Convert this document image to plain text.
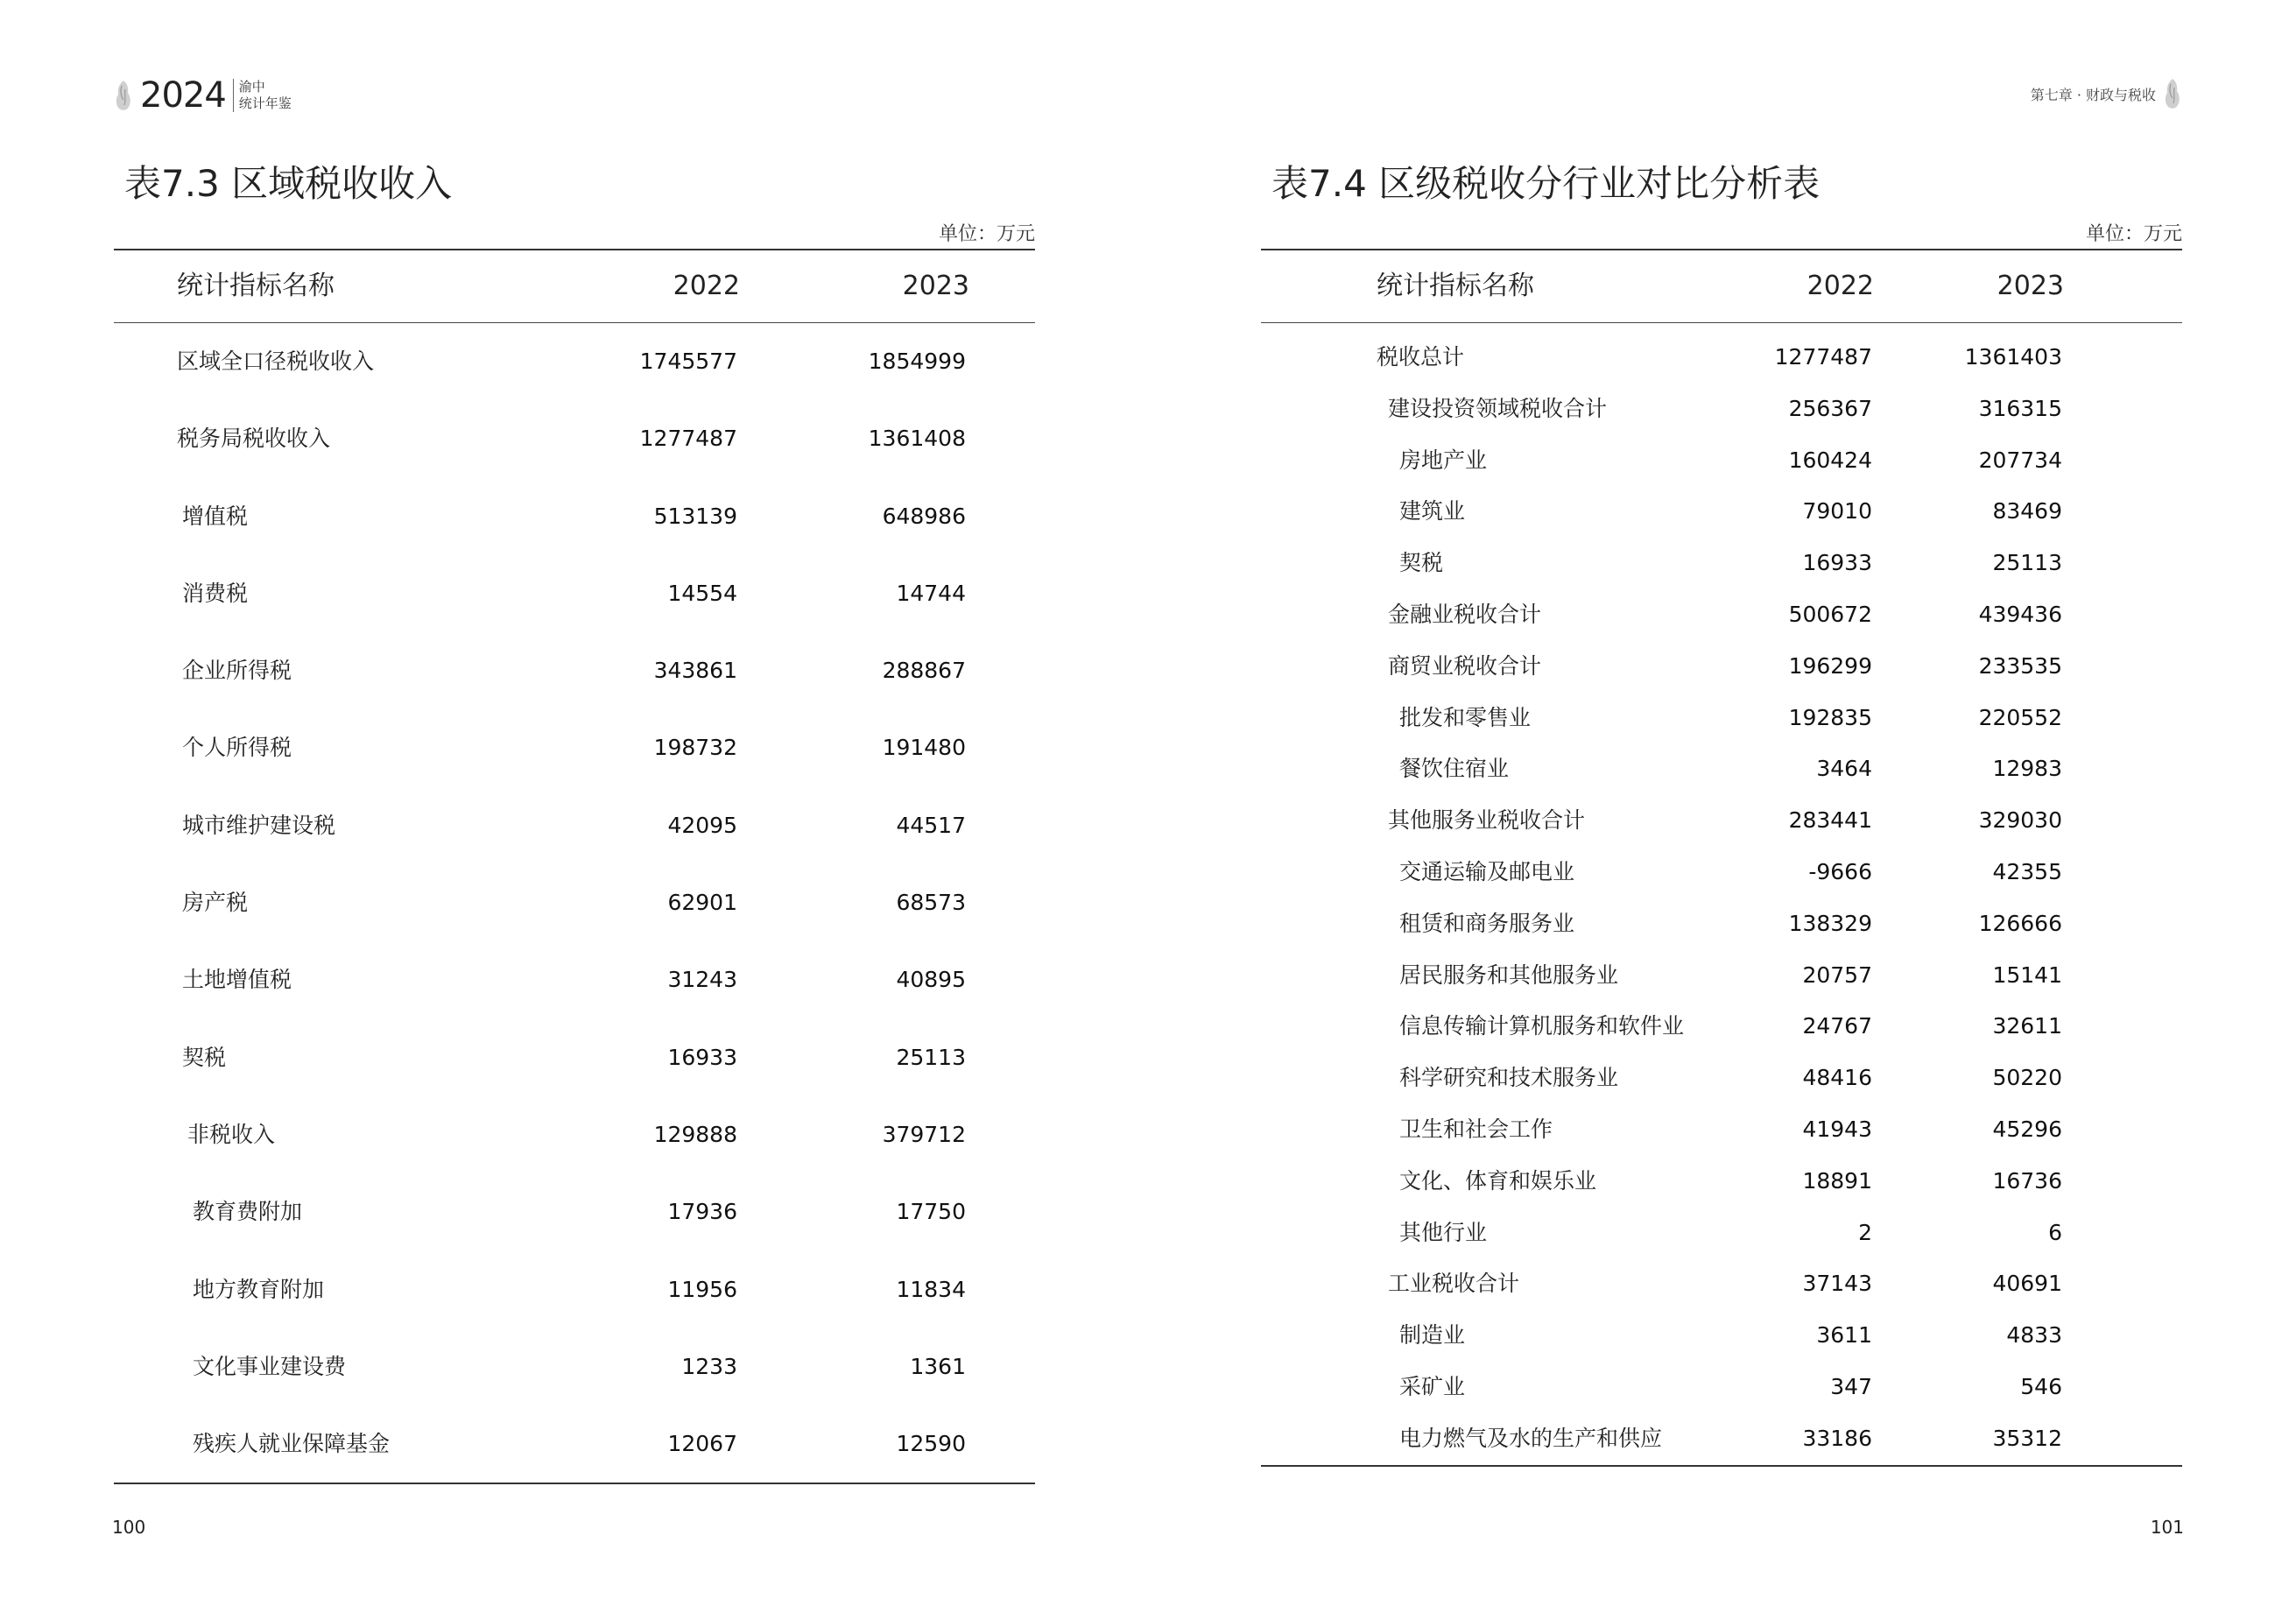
2024 渝中
统计年鉴
第七章 · 财政与税收
表7.3 区域税收收入
单位：万元
统计指标名称	2022	2023
区域全口径税收收入	1745577	1854999
税务局税收收入	1277487	1361408
增值税	513139	648986
消费税	14554	14744
企业所得税	343861	288867
个人所得税	198732	191480
城市维护建设税	42095	44517
房产税	62901	68573
土地增值税	31243	40895
契税	16933	25113
非税收入	129888	379712
教育费附加	17936	17750
地方教育附加	11956	11834
文化事业建设费	1233	1361
残疾人就业保障基金	12067	12590
表7.4 区级税收分行业对比分析表
单位：万元
统计指标名称	2022	2023
税收总计	1277487	1361403
建设投资领域税收合计	256367	316315
房地产业	160424	207734
建筑业	79010	83469
契税	16933	25113
金融业税收合计	500672	439436
商贸业税收合计	196299	233535
批发和零售业	192835	220552
餐饮住宿业	3464	12983
其他服务业税收合计	283441	329030
交通运输及邮电业	-9666	42355
租赁和商务服务业	138329	126666
居民服务和其他服务业	20757	15141
信息传输计算机服务和软件业	24767	32611
科学研究和技术服务业	48416	50220
卫生和社会工作	41943	45296
文化、体育和娱乐业	18891	16736
其他行业	2	6
工业税收合计	37143	40691
制造业	3611	4833
采矿业	347	546
电力燃气及水的生产和供应	33186	35312
100	101
